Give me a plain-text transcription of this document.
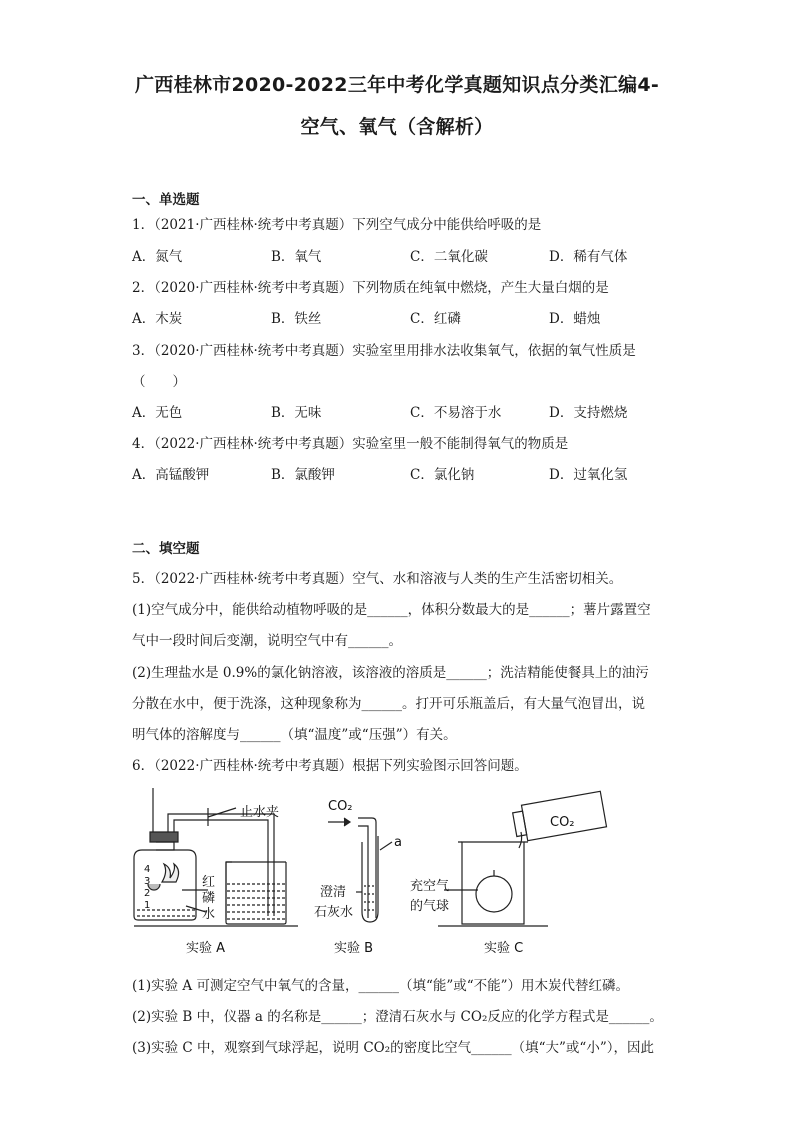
广西桂林市2020-2022三年中考化学真题知识点分类汇编4-
空气、氧气（含解析）
一、单选题
1．（2021·广西桂林·统考中考真题）下列空气成分中能供给呼吸的是
A．氮气	B．氧气	C．二氧化碳	D．稀有气体
2．（2020·广西桂林·统考中考真题）下列物质在纯氧中燃烧，产生大量白烟的是
A．木炭	B．铁丝	C．红磷	D．蜡烛
3．（2020·广西桂林·统考中考真题）实验室里用排水法收集氧气，依据的氧气性质是
（　　）
A．无色	B．无味	C．不易溶于水	D．支持燃烧
4．（2022·广西桂林·统考中考真题）实验室里一般不能制得氧气的物质是
A．高锰酸钾	B．氯酸钾	C．氯化钠	D．过氧化氢
二、填空题
5．（2022·广西桂林·统考中考真题）空气、水和溶液与人类的生产生活密切相关。
(1)空气成分中，能供给动植物呼吸的是______，体积分数最大的是______；薯片露置空
气中一段时间后变潮，说明空气中有______。
(2)生理盐水是 0.9%的氯化钠溶液，该溶液的溶质是______；洗洁精能使餐具上的油污
分散在水中，便于洗涤，这种现象称为______。打开可乐瓶盖后，有大量气泡冒出，说
明气体的溶解度与______（填“温度”或“压强”）有关。
6．（2022·广西桂林·统考中考真题）根据下列实验图示回答问题。
止水夹
红
磷
水
实验 A
CO₂
a
澄清
石灰水
实验 B
CO₂
充空气
的气球
实验 C
4
3
2
1
(1)实验 A 可测定空气中氧气的含量，______（填“能”或“不能”）用木炭代替红磷。
(2)实验 B 中，仪器 a 的名称是______；澄清石灰水与 CO₂反应的化学方程式是______。
(3)实验 C 中，观察到气球浮起，说明 CO₂的密度比空气______（填“大”或“小”），因此
